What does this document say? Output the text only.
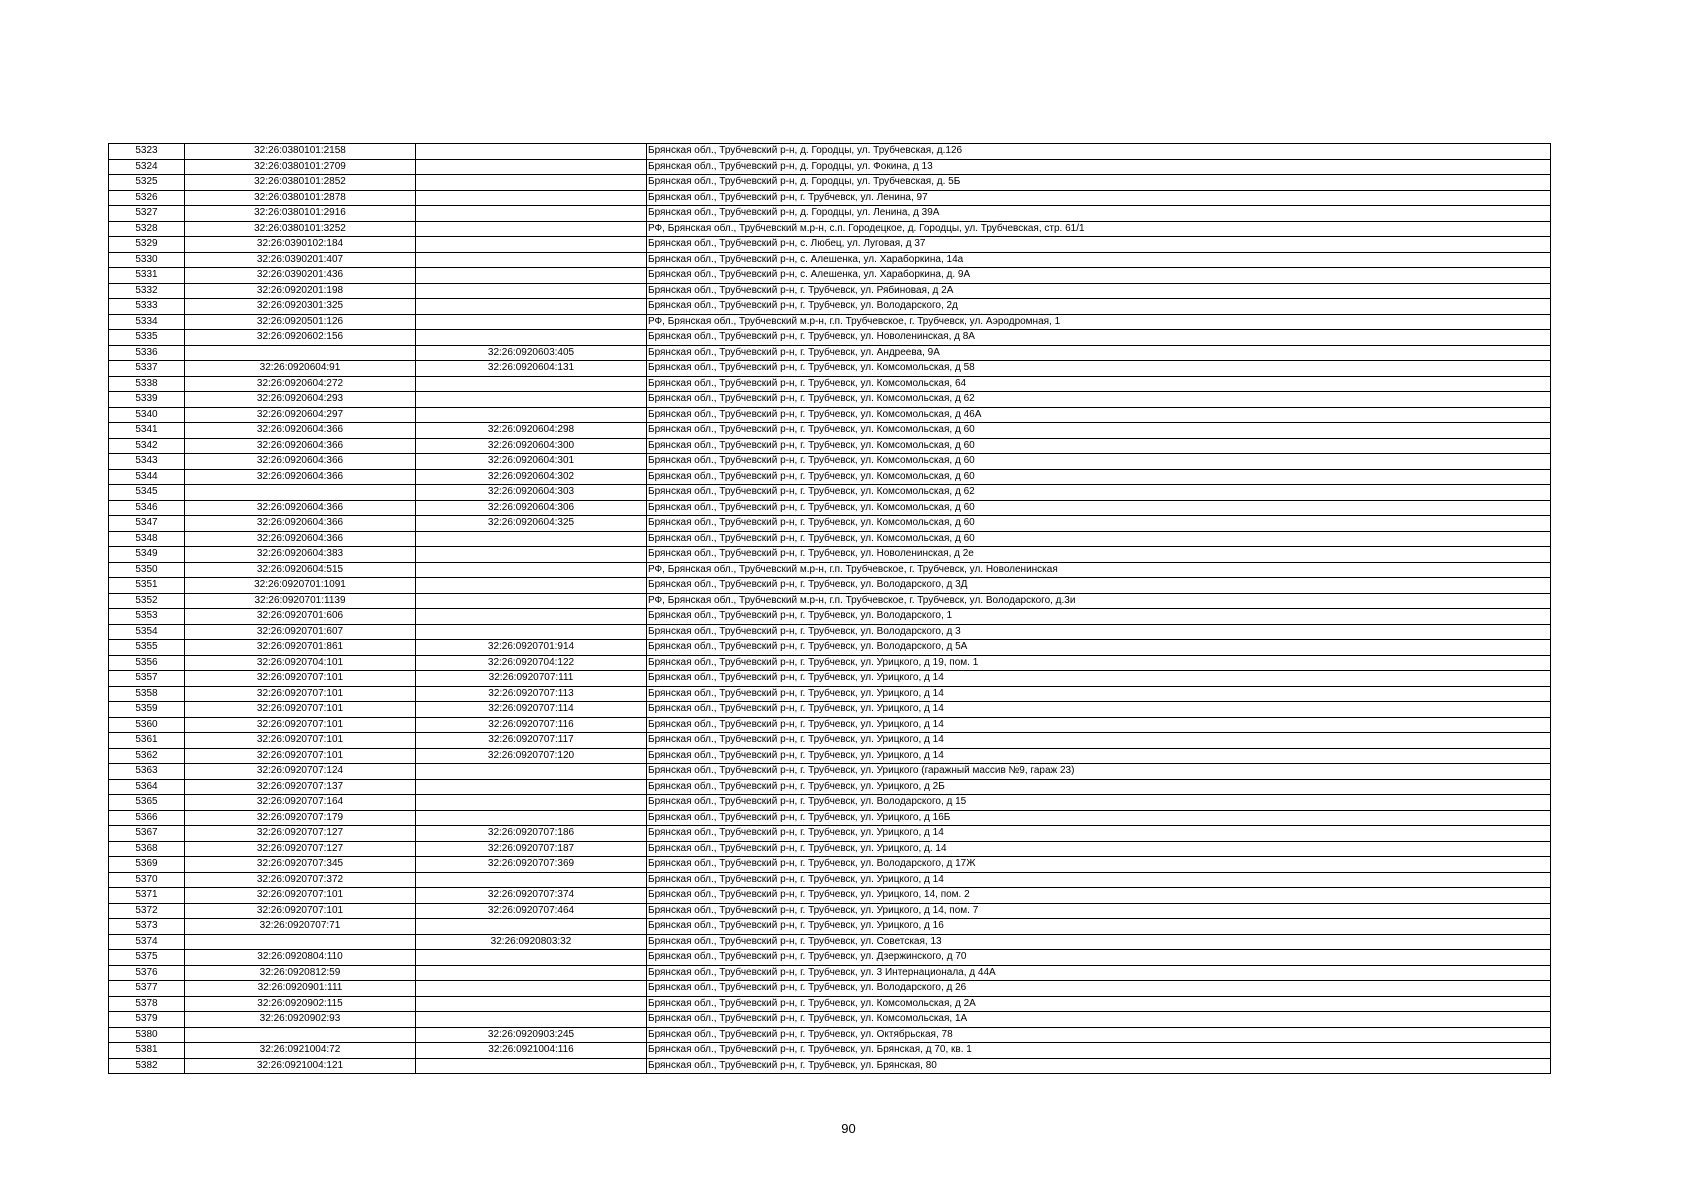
5323	32:26:0380101:2158		Брянская обл., Трубчевский р-н, д. Городцы, ул. Трубчевская, д.126
5324	32:26:0380101:2709		Брянская обл., Трубчевский р-н, д. Городцы, ул. Фокина, д 13
5325	32:26:0380101:2852		Брянская обл., Трубчевский р-н, д. Городцы, ул. Трубчевская, д. 5Б
5326	32:26:0380101:2878		Брянская обл., Трубчевский р-н, г. Трубчевск, ул. Ленина, 97
5327	32:26:0380101:2916		Брянская обл., Трубчевский р-н, д. Городцы, ул. Ленина, д 39А
5328	32:26:0380101:3252		РФ, Брянская обл., Трубчевский м.р-н, с.п. Городецкое, д. Городцы, ул. Трубчевская, стр. 61/1
5329	32:26:0390102:184		Брянская обл., Трубчевский р-н, с. Любец, ул. Луговая, д 37
5330	32:26:0390201:407		Брянская обл., Трубчевский р-н, с. Алешенка, ул. Хараборкина, 14а
5331	32:26:0390201:436		Брянская обл., Трубчевский р-н, с. Алешенка, ул. Хараборкина, д. 9А
5332	32:26:0920201:198		Брянская обл., Трубчевский р-н, г. Трубчевск, ул. Рябиновая, д 2А
5333	32:26:0920301:325		Брянская обл., Трубчевский р-н, г. Трубчевск, ул. Володарского, 2д
5334	32:26:0920501:126		РФ, Брянская обл., Трубчевский м.р-н, г.п. Трубчевское, г. Трубчевск, ул. Аэродромная, 1
5335	32:26:0920602:156		Брянская обл., Трубчевский р-н, г. Трубчевск, ул. Новоленинская, д 8А
5336		32:26:0920603:405	Брянская обл., Трубчевский р-н, г. Трубчевск, ул. Андреева, 9А
5337	32:26:0920604:91	32:26:0920604:131	Брянская обл., Трубчевский р-н, г. Трубчевск, ул. Комсомольская, д 58
5338	32:26:0920604:272		Брянская обл., Трубчевский р-н, г. Трубчевск, ул. Комсомольская, 64
5339	32:26:0920604:293		Брянская обл., Трубчевский р-н, г. Трубчевск, ул. Комсомольская, д 62
5340	32:26:0920604:297		Брянская обл., Трубчевский р-н, г. Трубчевск, ул. Комсомольская, д 46А
5341	32:26:0920604:366	32:26:0920604:298	Брянская обл., Трубчевский р-н, г. Трубчевск, ул. Комсомольская, д 60
5342	32:26:0920604:366	32:26:0920604:300	Брянская обл., Трубчевский р-н, г. Трубчевск, ул. Комсомольская, д 60
5343	32:26:0920604:366	32:26:0920604:301	Брянская обл., Трубчевский р-н, г. Трубчевск, ул. Комсомольская, д 60
5344	32:26:0920604:366	32:26:0920604:302	Брянская обл., Трубчевский р-н, г. Трубчевск, ул. Комсомольская, д 60
5345		32:26:0920604:303	Брянская обл., Трубчевский р-н, г. Трубчевск, ул. Комсомольская, д 62
5346	32:26:0920604:366	32:26:0920604:306	Брянская обл., Трубчевский р-н, г. Трубчевск, ул. Комсомольская, д 60
5347	32:26:0920604:366	32:26:0920604:325	Брянская обл., Трубчевский р-н, г. Трубчевск, ул. Комсомольская, д 60
5348	32:26:0920604:366		Брянская обл., Трубчевский р-н, г. Трубчевск, ул. Комсомольская, д 60
5349	32:26:0920604:383		Брянская обл., Трубчевский р-н, г. Трубчевск, ул. Новоленинская, д 2е
5350	32:26:0920604:515		РФ, Брянская обл., Трубчевский м.р-н, г.п. Трубчевское, г. Трубчевск, ул. Новоленинская
5351	32:26:0920701:1091		Брянская обл., Трубчевский р-н, г. Трубчевск, ул. Володарского, д 3Д
5352	32:26:0920701:1139		РФ, Брянская обл., Трубчевский м.р-н, г.п. Трубчевское, г. Трубчевск, ул. Володарского, д.3и
5353	32:26:0920701:606		Брянская обл., Трубчевский р-н, г. Трубчевск, ул. Володарского, 1
5354	32:26:0920701:607		Брянская обл., Трубчевский р-н, г. Трубчевск, ул. Володарского, д 3
5355	32:26:0920701:861	32:26:0920701:914	Брянская обл., Трубчевский р-н, г. Трубчевск, ул. Володарского, д 5А
5356	32:26:0920704:101	32:26:0920704:122	Брянская обл., Трубчевский р-н, г. Трубчевск, ул. Урицкого, д 19, пом. 1
5357	32:26:0920707:101	32:26:0920707:111	Брянская обл., Трубчевский р-н, г. Трубчевск, ул. Урицкого, д 14
5358	32:26:0920707:101	32:26:0920707:113	Брянская обл., Трубчевский р-н, г. Трубчевск, ул. Урицкого, д 14
5359	32:26:0920707:101	32:26:0920707:114	Брянская обл., Трубчевский р-н, г. Трубчевск, ул. Урицкого, д 14
5360	32:26:0920707:101	32:26:0920707:116	Брянская обл., Трубчевский р-н, г. Трубчевск, ул. Урицкого, д 14
5361	32:26:0920707:101	32:26:0920707:117	Брянская обл., Трубчевский р-н, г. Трубчевск, ул. Урицкого, д 14
5362	32:26:0920707:101	32:26:0920707:120	Брянская обл., Трубчевский р-н, г. Трубчевск, ул. Урицкого, д 14
5363	32:26:0920707:124		Брянская обл., Трубчевский р-н, г. Трубчевск, ул. Урицкого (гаражный массив №9, гараж 23)
5364	32:26:0920707:137		Брянская обл., Трубчевский р-н, г. Трубчевск, ул. Урицкого, д 2Б
5365	32:26:0920707:164		Брянская обл., Трубчевский р-н, г. Трубчевск, ул. Володарского, д 15
5366	32:26:0920707:179		Брянская обл., Трубчевский р-н, г. Трубчевск, ул. Урицкого, д 16Б
5367	32:26:0920707:127	32:26:0920707:186	Брянская обл., Трубчевский р-н, г. Трубчевск, ул. Урицкого, д 14
5368	32:26:0920707:127	32:26:0920707:187	Брянская обл., Трубчевский р-н, г. Трубчевск, ул. Урицкого, д. 14
5369	32:26:0920707:345	32:26:0920707:369	Брянская обл., Трубчевский р-н, г. Трубчевск, ул. Володарского, д 17Ж
5370	32:26:0920707:372		Брянская обл., Трубчевский р-н, г. Трубчевск, ул. Урицкого, д 14
5371	32:26:0920707:101	32:26:0920707:374	Брянская обл., Трубчевский р-н, г. Трубчевск, ул. Урицкого, 14, пом. 2
5372	32:26:0920707:101	32:26:0920707:464	Брянская обл., Трубчевский р-н, г. Трубчевск, ул. Урицкого, д 14, пом. 7
5373	32:26:0920707:71		Брянская обл., Трубчевский р-н, г. Трубчевск, ул. Урицкого, д 16
5374		32:26:0920803:32	Брянская обл., Трубчевский р-н, г. Трубчевск, ул. Советская, 13
5375	32:26:0920804:110		Брянская обл., Трубчевский р-н, г. Трубчевск, ул. Дзержинского, д 70
5376	32:26:0920812:59		Брянская обл., Трубчевский р-н, г. Трубчевск, ул. 3 Интернационала, д 44А
5377	32:26:0920901:111		Брянская обл., Трубчевский р-н, г. Трубчевск, ул. Володарского, д 26
5378	32:26:0920902:115		Брянская обл., Трубчевский р-н, г. Трубчевск, ул. Комсомольская, д 2А
5379	32:26:0920902:93		Брянская обл., Трубчевский р-н, г. Трубчевск, ул. Комсомольская, 1А
5380		32:26:0920903:245	Брянская обл., Трубчевский р-н, г. Трубчевск, ул. Октябрьская, 78
5381	32:26:0921004:72	32:26:0921004:116	Брянская обл., Трубчевский р-н, г. Трубчевск, ул. Брянская, д 70, кв. 1
5382	32:26:0921004:121		Брянская обл., Трубчевский р-н, г. Трубчевск, ул. Брянская, 80
90
